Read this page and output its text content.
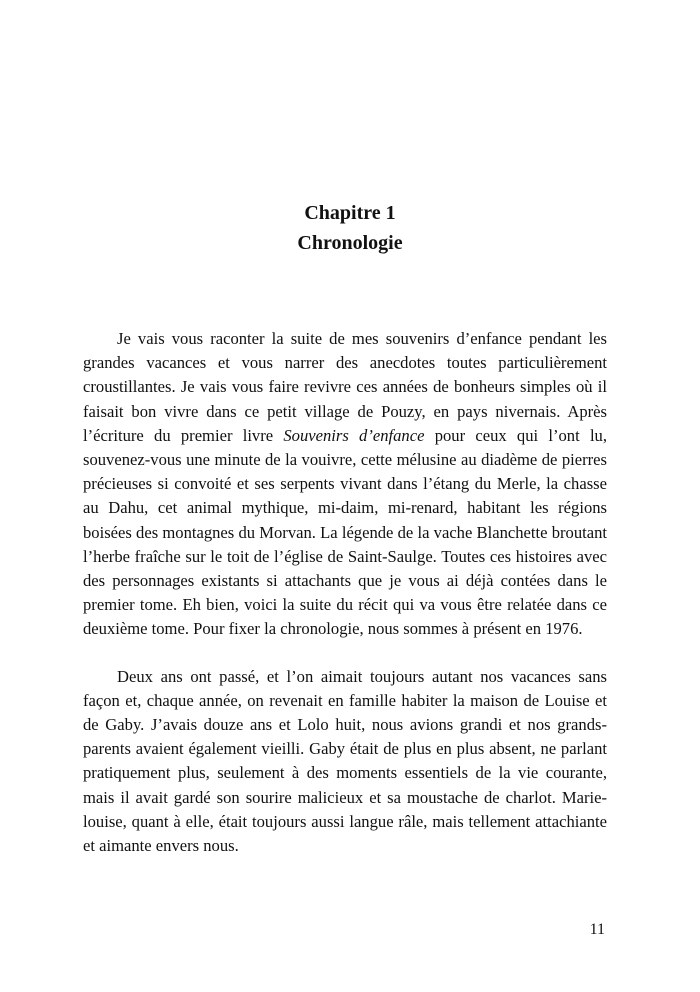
Chapitre 1
Chronologie

Je vais vous raconter la suite de mes souvenirs d’enfance pendant les grandes vacances et vous narrer des anecdotes toutes particulièrement croustillantes. Je vais vous faire revivre ces années de bonheurs simples où il faisait bon vivre dans ce petit village de Pouzy, en pays nivernais. Après l’écriture du premier livre Souvenirs d’enfance pour ceux qui l’ont lu, souvenez-vous une minute de la vouivre, cette mélusine au diadème de pierres précieuses si convoité et ses serpents vivant dans l’étang du Merle, la chasse au Dahu, cet animal mythique, mi-daim, mi-renard, habitant les régions boisées des montagnes du Morvan. La légende de la vache Blanchette broutant l’herbe fraîche sur le toit de l’église de Saint-Saulge. Toutes ces histoires avec des personnages existants si attachants que je vous ai déjà contées dans le premier tome. Eh bien, voici la suite du récit qui va vous être relatée dans ce deuxième tome. Pour fixer la chronologie, nous sommes à présent en 1976.

Deux ans ont passé, et l’on aimait toujours autant nos vacances sans façon et, chaque année, on revenait en famille habiter la maison de Louise et de Gaby. J’avais douze ans et Lolo huit, nous avions grandi et nos grands-parents avaient également vieilli. Gaby était de plus en plus absent, ne parlant pratiquement plus, seulement à des moments essentiels de la vie courante, mais il avait gardé son sourire malicieux et sa moustache de charlot. Marie-louise, quant à elle, était toujours aussi langue râle, mais tellement attachiante et aimante envers nous.

11
